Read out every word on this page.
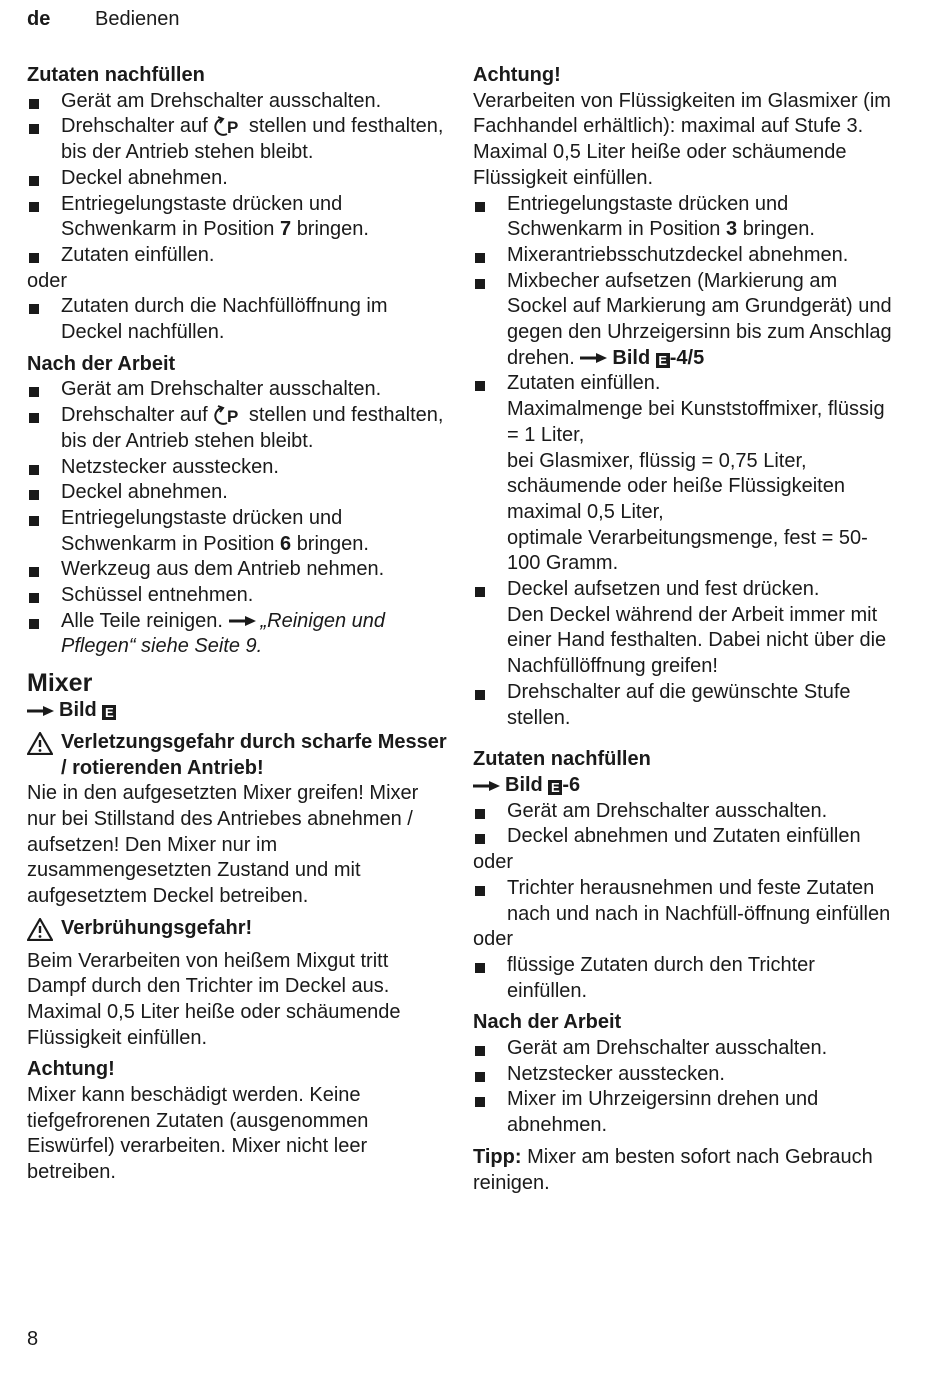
de Bedienen
Zutaten nachfüllen
Gerät am Drehschalter ausschalten.
Drehschalter auf P stellen und festhalten, bis der Antrieb stehen bleibt.
Deckel abnehmen.
Entriegelungstaste drücken und Schwenkarm in Position 7 bringen.
Zutaten einfüllen.

oder

Zutaten durch die Nachfüllöffnung im Deckel nachfüllen.
Nach der Arbeit
Gerät am Drehschalter ausschalten.
Drehschalter auf P stellen und festhalten, bis der Antrieb stehen bleibt.
Netzstecker ausstecken.
Deckel abnehmen.
Entriegelungstaste drücken und Schwenkarm in Position 6 bringen.
Werkzeug aus dem Antrieb nehmen.
Schüssel entnehmen.
Alle Teile reinigen. „Reinigen und Pflegen“ siehe Seite 9.
Mixer

Bild E

Verletzungsgefahr durch scharfe Messer / rotierenden Antrieb!

Nie in den aufgesetzten Mixer greifen! Mixer nur bei Stillstand des Antriebes abnehmen / aufsetzen! Den Mixer nur im zusammengesetzten Zustand und mit aufgesetztem Deckel betreiben.

Verbrühungsgefahr!

Beim Verarbeiten von heißem Mixgut tritt Dampf durch den Trichter im Deckel aus. Maximal 0,5 Liter heiße oder schäumende Flüssigkeit einfüllen.

Achtung!

Mixer kann beschädigt werden. Keine tiefgefrorenen Zutaten (ausgenommen Eiswürfel) verarbeiten. Mixer nicht leer betreiben.

Achtung!

Verarbeiten von Flüssigkeiten im Glasmixer (im Fachhandel erhältlich): maximal auf Stufe 3. Maximal 0,5 Liter heiße oder schäumende Flüssigkeit einfüllen.

Entriegelungstaste drücken und Schwenkarm in Position 3 bringen.
Mixerantriebsschutzdeckel abnehmen.
Mixbecher aufsetzen (Markierung am Sockel auf Markierung am Grundgerät) und gegen den Uhrzeigersinn bis zum Anschlag drehen. Bild E -4/5
Zutaten einfüllen.
Maximalmenge bei Kunststoffmixer, flüssig = 1 Liter,
bei Glasmixer, flüssig = 0,75 Liter, schäumende oder heiße Flüssigkeiten maximal 0,5 Liter,
optimale Verarbeitungsmenge, fest = 50-100 Gramm.
Deckel aufsetzen und fest drücken.
Den Deckel während der Arbeit immer mit einer Hand festhalten. Dabei nicht über die Nachfüllöffnung greifen!
Drehschalter auf die gewünschte Stufe stellen.
Zutaten nachfüllen

Bild E -6

Gerät am Drehschalter ausschalten.
Deckel abnehmen und Zutaten einfüllen

oder

Trichter herausnehmen und feste Zutaten nach und nach in Nachfüll-öffnung einfüllen

oder

flüssige Zutaten durch den Trichter einfüllen.
Nach der Arbeit
Gerät am Drehschalter ausschalten.
Netzstecker ausstecken.
Mixer im Uhrzeigersinn drehen und abnehmen.

Tipp: Mixer am besten sofort nach Gebrauch reinigen.

8
